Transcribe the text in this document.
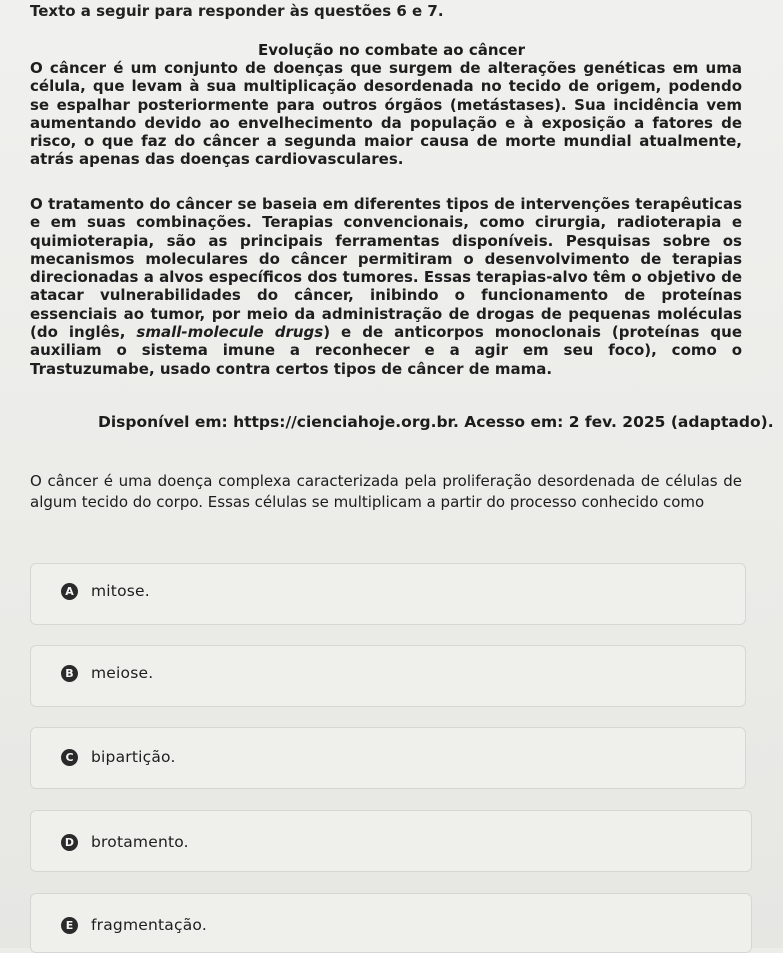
Texto a seguir para responder às questões 6 e 7.
Evolução no combate ao câncer
O câncer é um conjunto de doenças que surgem de alterações genéticas em uma célula, que levam à sua multiplicação desordenada no tecido de origem, podendo se espalhar posteriormente para outros órgãos (metástases). Sua incidência vem aumentando devido ao envelhecimento da população e à exposição a fatores de risco, o que faz do câncer a segunda maior causa de morte mundial atualmente, atrás apenas das doenças cardiovasculares.
O tratamento do câncer se baseia em diferentes tipos de intervenções terapêuticas e em suas combinações. Terapias convencionais, como cirurgia, radioterapia e quimioterapia, são as principais ferramentas disponíveis. Pesquisas sobre os mecanismos moleculares do câncer permitiram o desenvolvimento de terapias direcionadas a alvos específicos dos tumores. Essas terapias-alvo têm o objetivo de atacar vulnerabilidades do câncer, inibindo o funcionamento de proteínas essenciais ao tumor, por meio da administração de drogas de pequenas moléculas (do inglês, small-molecule drugs) e de anticorpos monoclonais (proteínas que auxiliam o sistema imune a reconhecer e a agir em seu foco), como o Trastuzumabe, usado contra certos tipos de câncer de mama.
Disponível em: https://cienciahoje.org.br. Acesso em: 2 fev. 2025 (adaptado).
O câncer é uma doença complexa caracterizada pela proliferação desordenada de células de algum tecido do corpo. Essas células se multiplicam a partir do processo conhecido como
A mitose.
B meiose.
C bipartição.
D brotamento.
E	fragmentação.
